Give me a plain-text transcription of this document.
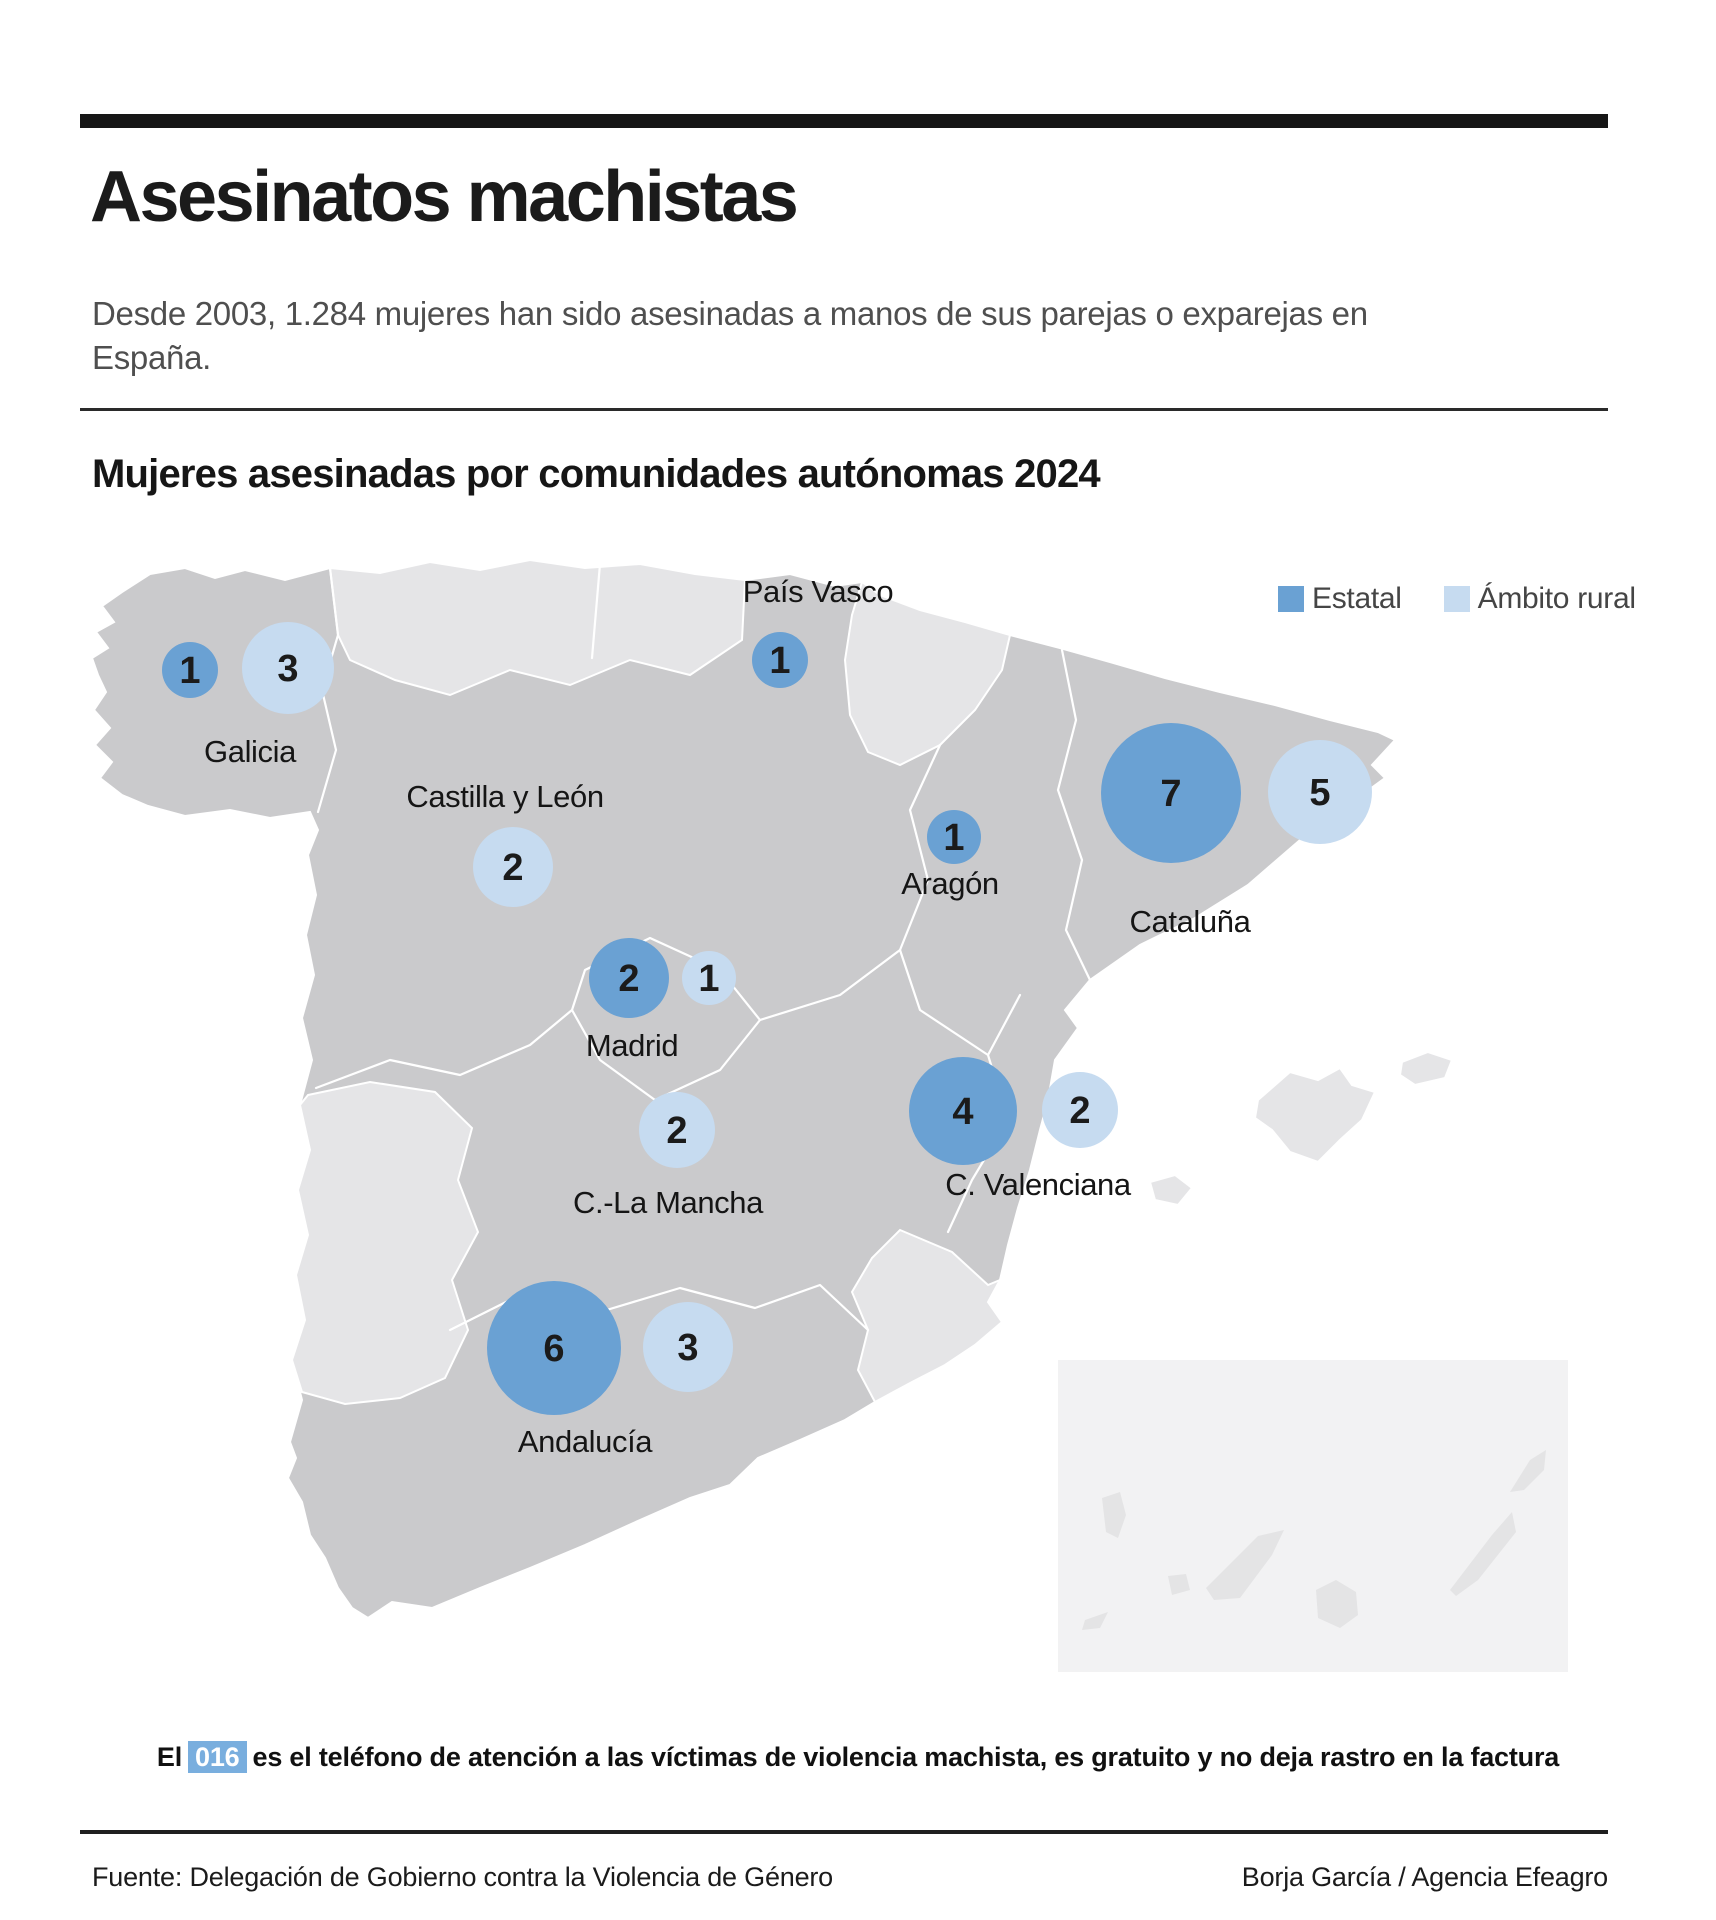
Asesinatos machistas
Desde 2003, 1.284 mujeres han sido asesinadas a manos de sus parejas o exparejas en España.
Mujeres asesinadas por comunidades autónomas 2024
Estatal	Ámbito rural
1 3	1
2
1
7	5
2 1
2	4	2
6	3
Galicia
País Vasco
Castilla y León
Aragón
Cataluña
Madrid
C.-La Mancha
C. Valenciana
Andalucía
El 016 es el teléfono de atención a las víctimas de violencia machista, es gratuito y no deja rastro en la factura
Fuente: Delegación de Gobierno contra la Violencia de Género	Borja García / Agencia Efeagro
